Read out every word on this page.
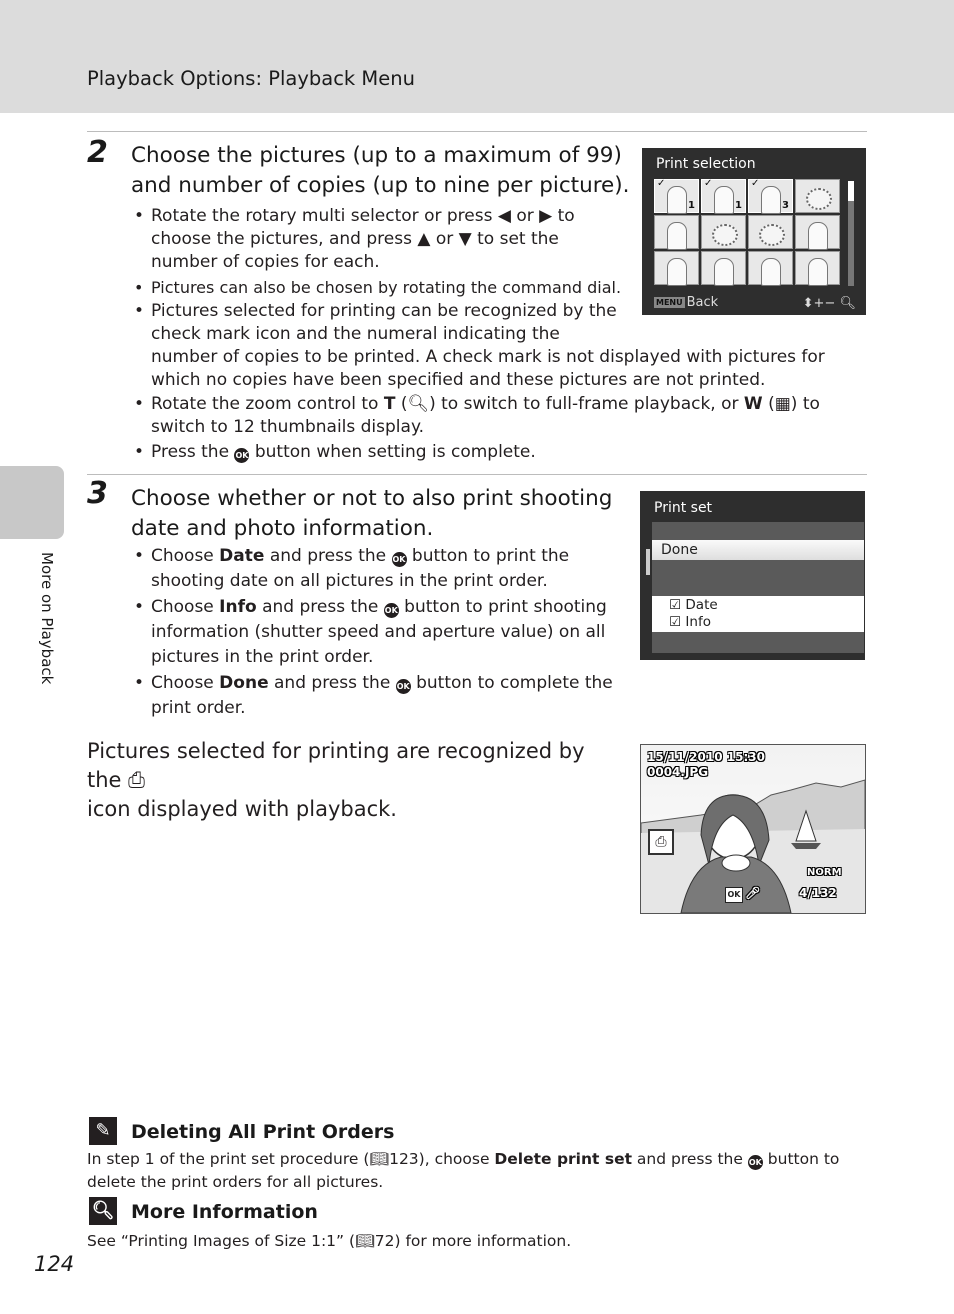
Playback Options: Playback Menu
More on Playback
2 Choose the pictures (up to a maximum of 99)
and number of copies (up to nine per picture).
• Rotate the rotary multi selector or press ◀ or ▶ to choose the pictures, and press ▲ or ▼ to set the number of copies for each.
• Pictures can also be chosen by rotating the command dial.
• Pictures selected for printing can be recognized by the
check mark icon and the numeral indicating the
number of copies to be printed. A check mark is not displayed with pictures for which no copies have been specified and these pictures are not printed.
• Rotate the zoom control to T (🔍︎) to switch to full-frame playback, or W (▦) to switch to 12 thumbnails display.
• Press the OK button when setting is complete.
Print selection
✓
1
✓
1
✓
3
MENU Back	⬍+− 🔍︎
3 Choose whether or not to also print shooting
date and photo information.
• Choose Date and press the OK button to print the shooting date on all pictures in the print order.
• Choose Info and press the OK button to print shooting information (shutter speed and aperture value) on all pictures in the print order.
• Choose Done and press the OK button to complete the print order.
Print set
Done
☑ Date
☑ Info
Pictures selected for printing are recognized by the ⎙
icon displayed with playback.
15/11/2010 15:30
0004.JPG
⎙
NORM
OK 🎤︎	4/132
✎	Deleting All Print Orders
In step 1 of the print set procedure (📖︎123), choose Delete print set and press the OK button to delete the print orders for all pictures.
🔍︎ More Information
See “Printing Images of Size 1:1” (📖︎72) for more information.
124
